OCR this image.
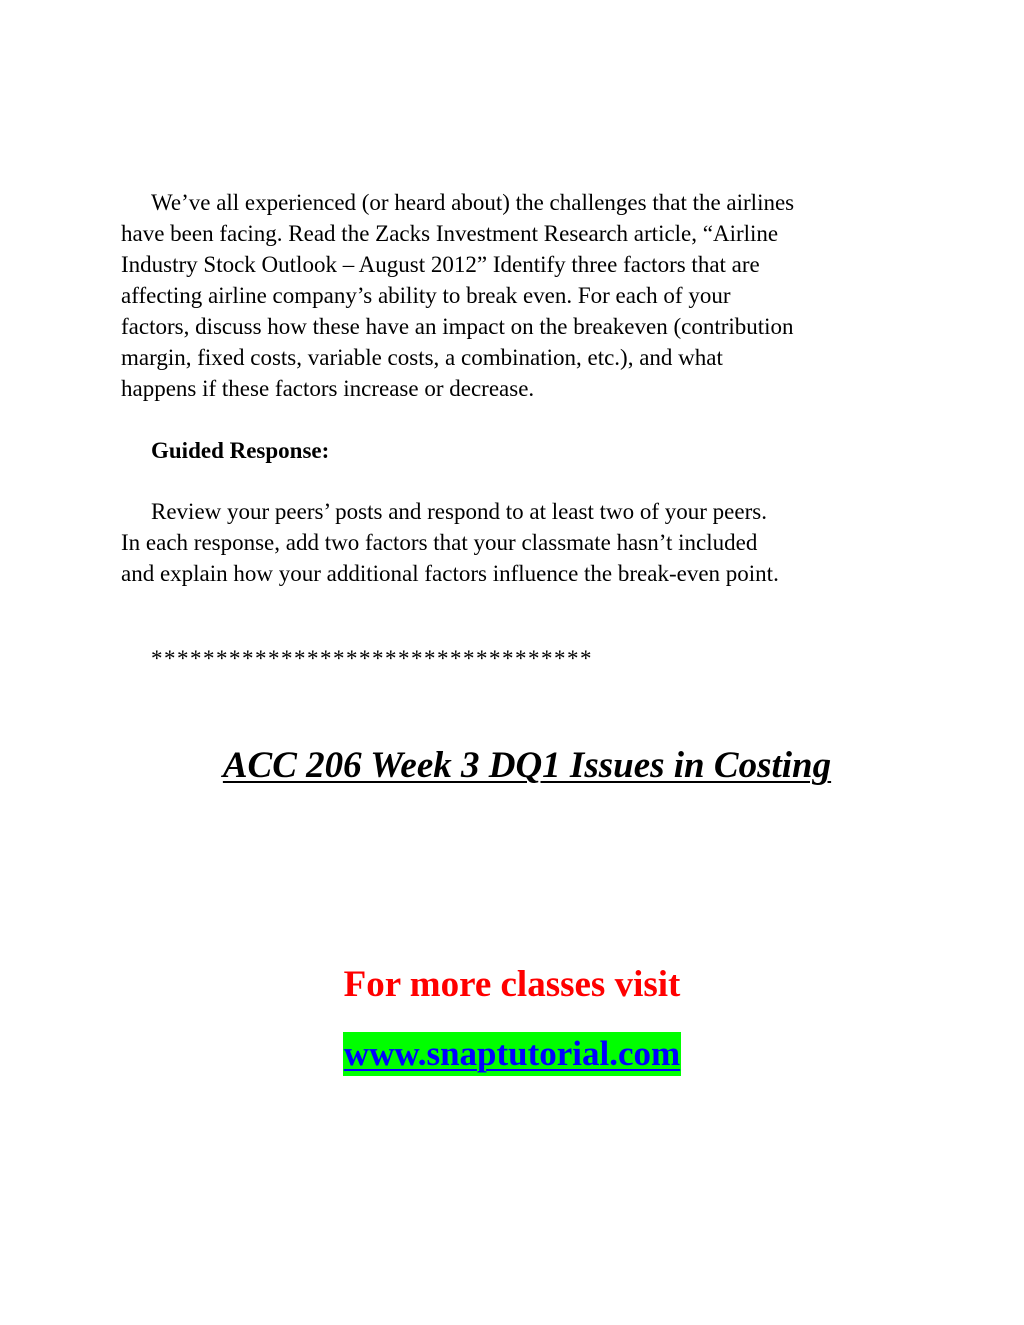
We’ve all experienced (or heard about) the challenges that the airlines
have been facing. Read the Zacks Investment Research article, “Airline
Industry Stock Outlook – August 2012” Identify three factors that are
affecting airline company’s ability to break even. For each of your
factors, discuss how these have an impact on the breakeven (contribution
margin, fixed costs, variable costs, a combination, etc.), and what
happens if these factors increase or decrease.
Guided Response:
Review your peers’ posts and respond to at least two of your peers.
In each response, add two factors that your classmate hasn’t included
and explain how your additional factors influence the break-even point.
**********************************
ACC 206 Week 3 DQ1 Issues in Costing
For more classes visit
www.snaptutorial.com
